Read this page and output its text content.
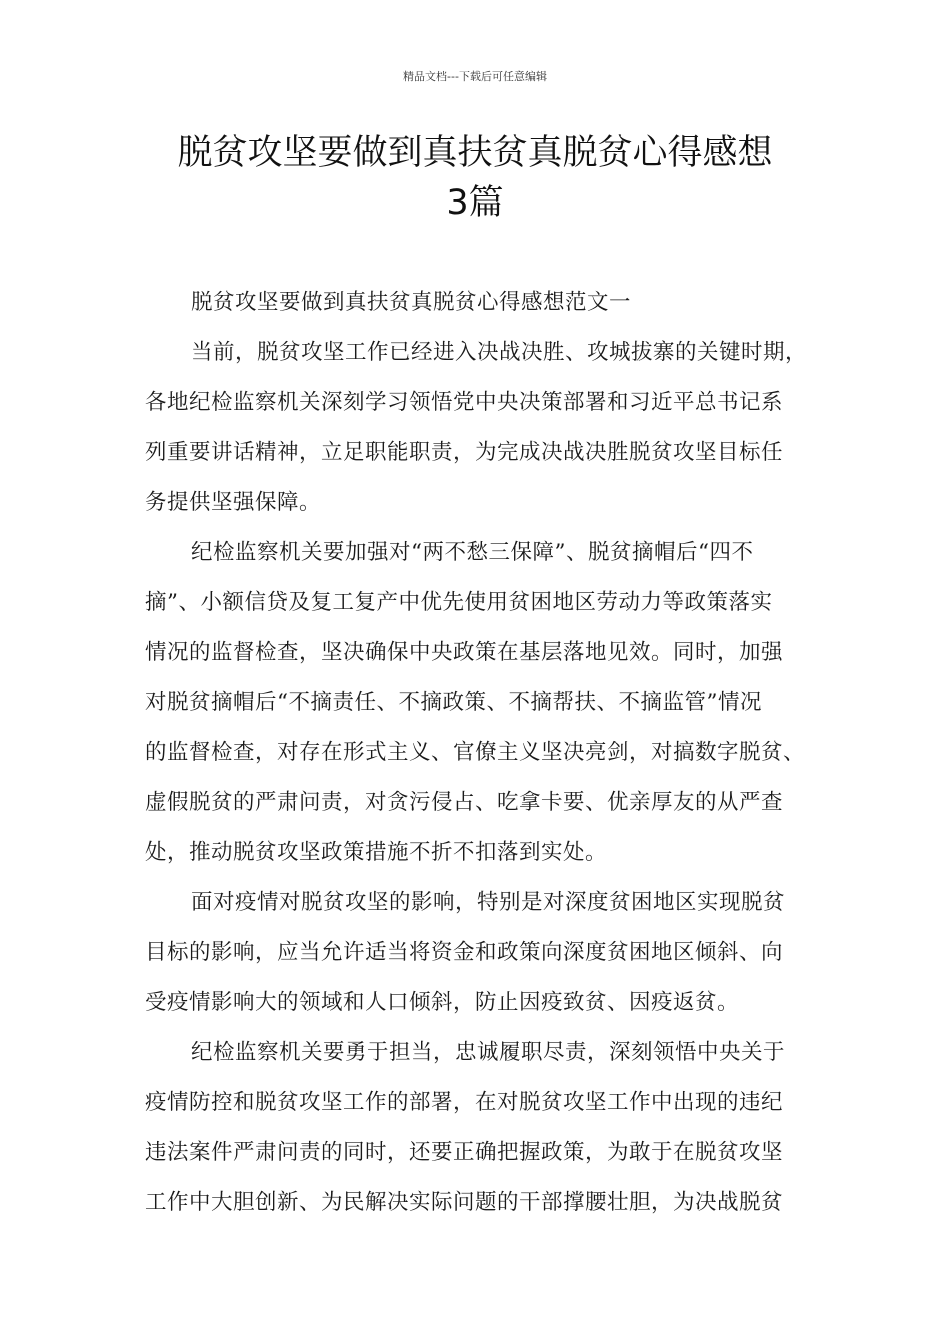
精品文档---下载后可任意编辑
脱贫攻坚要做到真扶贫真脱贫心得感想
3篇

脱贫攻坚要做到真扶贫真脱贫心得感想范文一

当前，脱贫攻坚工作已经进入决战决胜、攻城拔寨的关键时期，
各地纪检监察机关深刻学习领悟党中央决策部署和习近平总书记系
列重要讲话精神，立足职能职责，为完成决战决胜脱贫攻坚目标任
务提供坚强保障。

纪检监察机关要加强对“两不愁三保障”、脱贫摘帽后“四不
摘”、小额信贷及复工复产中优先使用贫困地区劳动力等政策落实
情况的监督检查，坚决确保中央政策在基层落地见效。同时，加强
对脱贫摘帽后“不摘责任、不摘政策、不摘帮扶、不摘监管”情况
的监督检查，对存在形式主义、官僚主义坚决亮剑，对搞数字脱贫、
虚假脱贫的严肃问责，对贪污侵占、吃拿卡要、优亲厚友的从严查
处，推动脱贫攻坚政策措施不折不扣落到实处。

面对疫情对脱贫攻坚的影响，特别是对深度贫困地区实现脱贫
目标的影响，应当允许适当将资金和政策向深度贫困地区倾斜、向
受疫情影响大的领域和人口倾斜，防止因疫致贫、因疫返贫。

纪检监察机关要勇于担当，忠诚履职尽责，深刻领悟中央关于
疫情防控和脱贫攻坚工作的部署，在对脱贫攻坚工作中出现的违纪
违法案件严肃问责的同时，还要正确把握政策，为敢于在脱贫攻坚
工作中大胆创新、为民解决实际问题的干部撑腰壮胆，为决战脱贫
